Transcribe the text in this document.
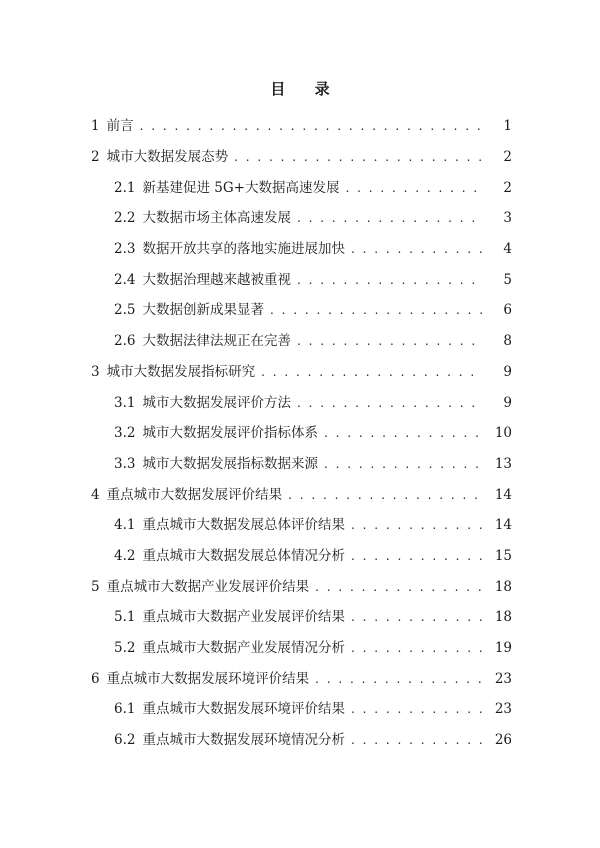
目 录
1 前言 . . .	1
2 城市大数据发展态势 . . .	2
2.1 新基建促进 5G+大数据高速发展 . . .	2
2.2 大数据市场主体高速发展 . . .	3
2.3 数据开放共享的落地实施进展加快 . . .	4
2.4 大数据治理越来越被重视 . . .	5
2.5 大数据创新成果显著 . . .	6
2.6 大数据法律法规正在完善 . . .	8
3 城市大数据发展指标研究 . . .	9
3.1 城市大数据发展评价方法 . . .	9
3.2 城市大数据发展评价指标体系 . . .	10
3.3 城市大数据发展指标数据来源 . . .	13
4 重点城市大数据发展评价结果 . . .	14
4.1 重点城市大数据发展总体评价结果 . . .	14
4.2 重点城市大数据发展总体情况分析 . . .	15
5 重点城市大数据产业发展评价结果 . . .	18
5.1 重点城市大数据产业发展评价结果 . . .	18
5.2 重点城市大数据产业发展情况分析 . . .	19
6 重点城市大数据发展环境评价结果 . . .	23
6.1 重点城市大数据发展环境评价结果 . . .	23
6.2 重点城市大数据发展环境情况分析 . . .	26
